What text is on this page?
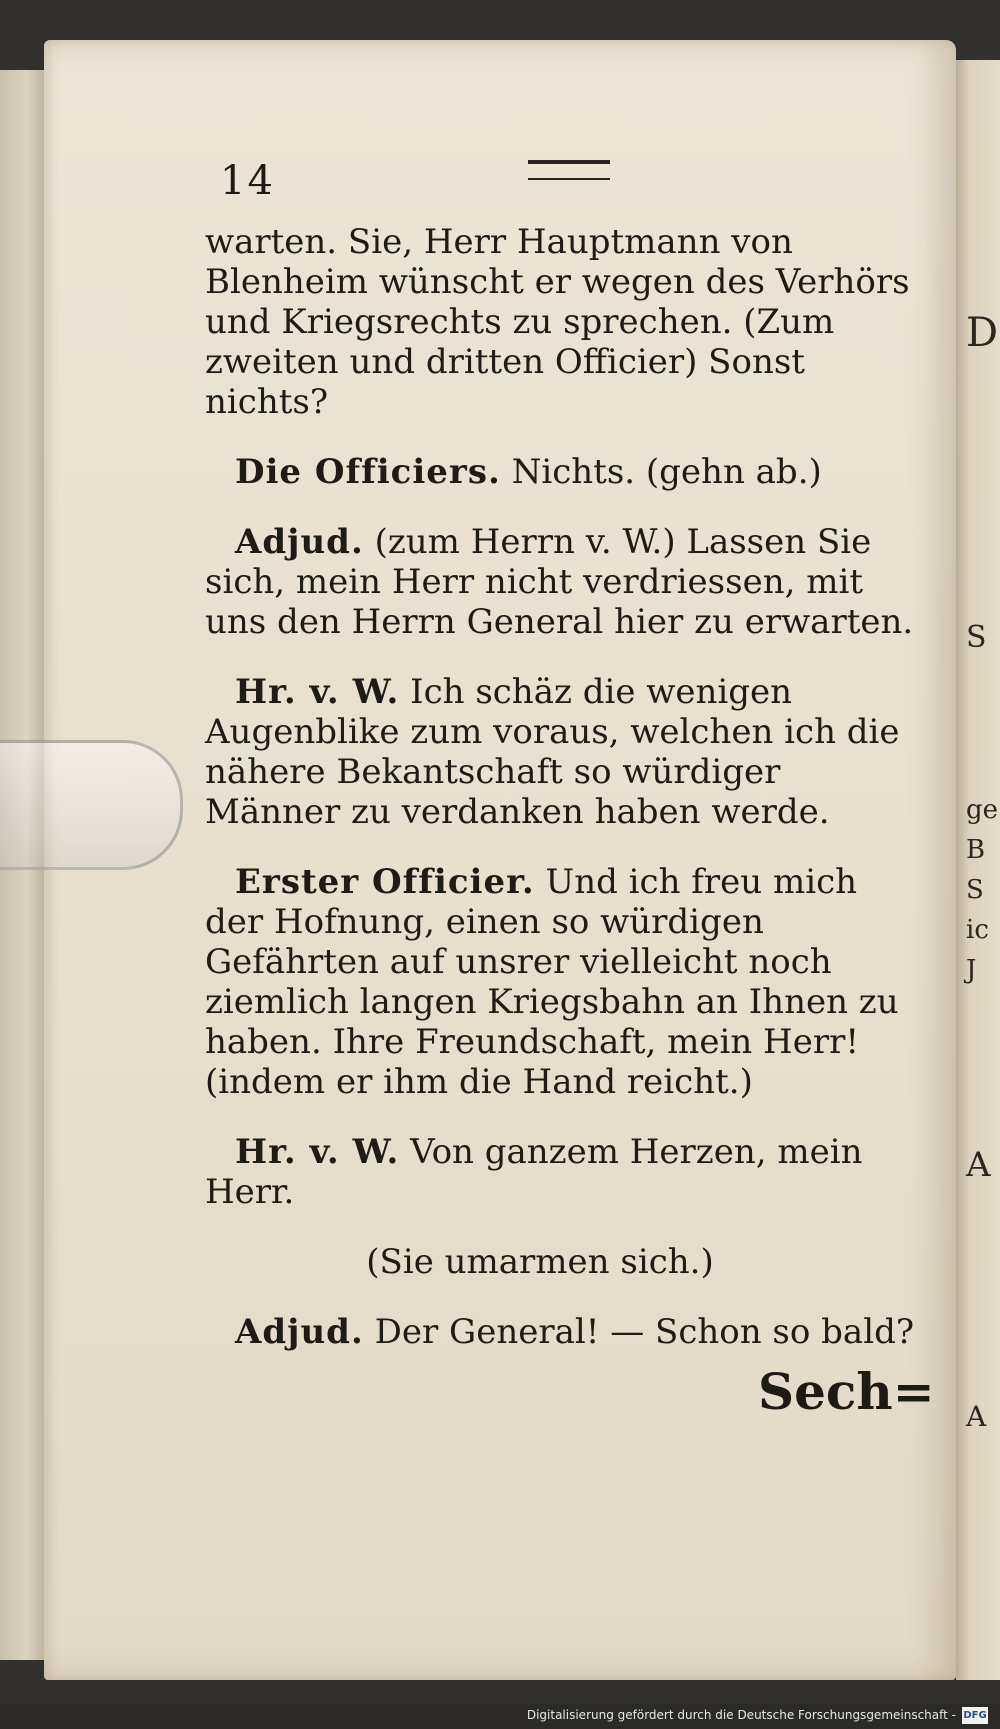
D
S
ge
B
S
ic
J
A
A
14

warten. Sie, Herr Hauptmann von Blenheim wünscht er wegen des Verhörs und Kriegsrechts zu sprechen. (Zum zweiten und dritten Officier) Sonst nichts?

Die Officiers. Nichts. (gehn ab.)

Adjud. (zum Herrn v. W.) Lassen Sie sich, mein Herr nicht verdriessen, mit uns den Herrn General hier zu erwarten.

Hr. v. W. Ich schäz die wenigen Augenblike zum voraus, welchen ich die nähere Bekantschaft so würdiger Männer zu verdanken haben werde.

Erster Officier. Und ich freu mich der Hofnung, einen so würdigen Gefährten auf unsrer vielleicht noch ziemlich langen Kriegsbahn an Ihnen zu haben. Ihre Freundschaft, mein Herr! (indem er ihm die Hand reicht.)

Hr. v. W. Von ganzem Herzen, mein Herr.

(Sie umarmen sich.)

Adjud. Der General! — Schon so bald?

Sech=
Digitalisierung gefördert durch die Deutsche Forschungsgemeinschaft - DFG
